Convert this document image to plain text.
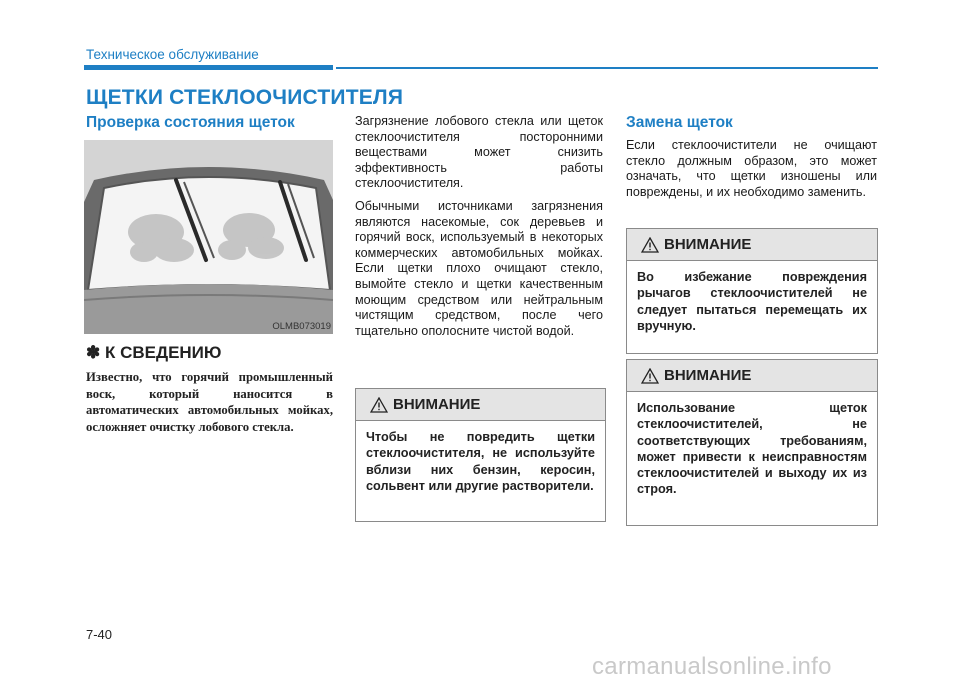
Техническое обслуживание
ЩЕТКИ СТЕКЛООЧИСТИТЕЛЯ
Проверка состояния щеток
OLMB073019
✽ К СВЕДЕНИЮ
Известно, что горячий промышленный воск, который наносится в автоматических автомобильных мойках, осложняет очистку лобового стекла.

Загрязнение лобового стекла или щеток стеклоочистителя посторонними веществами может снизить эффективность работы стеклоочистителя.

Обычными источниками загрязнения являются насекомые, сок деревьев и горячий воск, используемый в некоторых коммерческих автомобильных мойках. Если щетки плохо очищают стекло, вымойте стекло и щетки качественным моющим средством или нейтральным чистящим средством, после чего тщательно ополосните чистой водой.

ВНИМАНИЕ
Чтобы не повредить щетки стеклоочистителя, не используйте вблизи них бензин, керосин, сольвент или другие растворители.
Замена щеток

Если стеклоочистители не очищают стекло должным образом, это может означать, что щетки изношены или повреждены, и их необходимо заменить.

ВНИМАНИЕ
Во избежание повреждения рычагов стеклоочистителей не следует пытаться перемещать их вручную.
ВНИМАНИЕ
Использование щеток стеклоочистителей, не соответствующих требованиям, может привести к неисправностям стеклоочистителей и выходу их из строя.
7-40
carmanualsonline.info
